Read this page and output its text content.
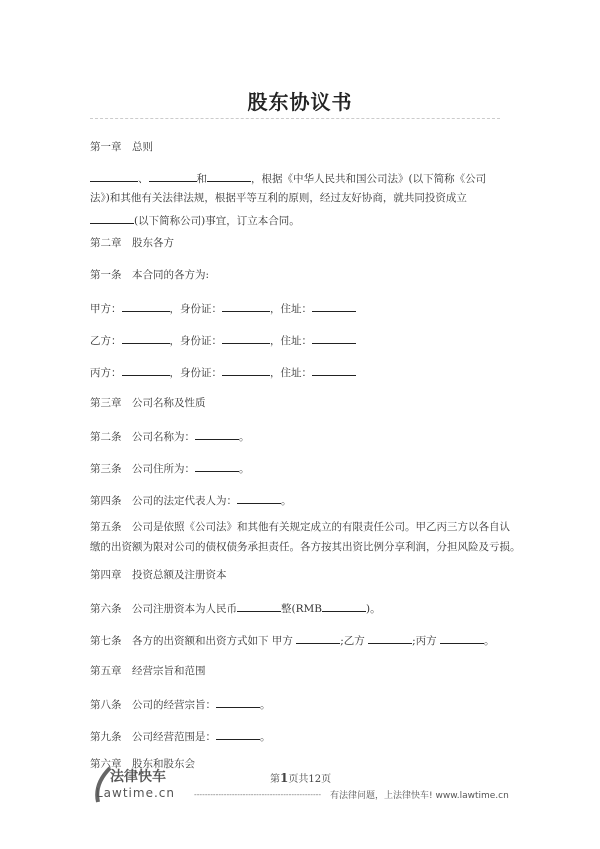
股东协议书
第一章　总则
、	和	，根据《中华人民共和国公司法》(以下简称《公司
法》)和其他有关法律法规，根据平等互利的原则，经过友好协商，就共同投资成立
(以下简称公司)事宜，订立本合同。
第二章　股东各方
第一条　本合同的各方为:
甲方：	，身份证：	，住址：
乙方：	，身份证：	，住址：
丙方：	，身份证：	，住址：
第三章　公司名称及性质
第二条　公司名称为：	。
第三条　公司住所为：	。
第四条　公司的法定代表人为：	。
第五条　公司是依照《公司法》和其他有关规定成立的有限责任公司。甲乙丙三方以各自认
缴的出资额为限对公司的债权债务承担责任。各方按其出资比例分享利润，分担风险及亏损。
第四章　投资总额及注册资本
第六条　公司注册资本为人民币	整(RMB	)。
第七条　各方的出资额和出资方式如下 甲方	;乙方	;丙方	。
第五章　经营宗旨和范围
第八条　公司的经营宗旨：	。
第九条　公司经营范围是：	。
第六章　股东和股东会
法律快车
Lawtime.cn
第1页共12页
----------------------------------------------- 有法律问题，上法律快车! www.lawtime.cn
